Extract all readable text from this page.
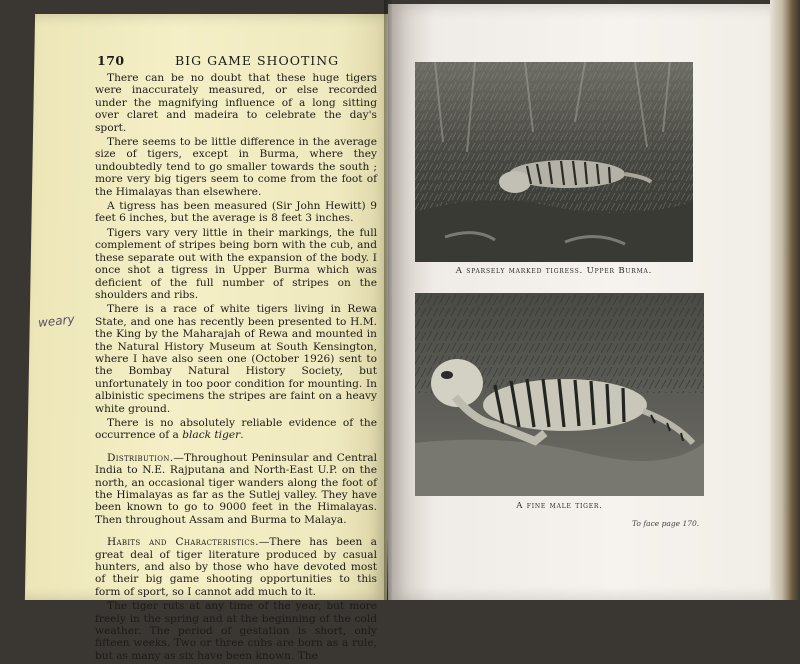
170	BIG GAME SHOOTING

There can be no doubt that these huge tigers were inaccurately measured, or else recorded under the magnifying influence of a long sitting over claret and madeira to celebrate the day's sport.

There seems to be little difference in the average size of tigers, except in Burma, where they undoubtedly tend to go smaller towards the south ; more very big tigers seem to come from the foot of the Himalayas than elsewhere.

A tigress has been measured (Sir John Hewitt) 9 feet 6 inches, but the average is 8 feet 3 inches.

Tigers vary very little in their markings, the full complement of stripes being born with the cub, and these separate out with the expansion of the body. I once shot a tigress in Upper Burma which was deficient of the full number of stripes on the shoulders and ribs.

There is a race of white tigers living in Rewa State, and one has recently been presented to H.M. the King by the Maharajah of Rewa and mounted in the Natural History Museum at South Kensington, where I have also seen one (October 1926) sent to the Bombay Natural History Society, but unfortunately in too poor condition for mounting. In albinistic specimens the stripes are faint on a heavy white ground.

There is no absolutely reliable evidence of the occurrence of a black tiger.

Distribution.—Throughout Peninsular and Central India to N.E. Rajputana and North-East U.P. on the north, an occasional tiger wanders along the foot of the Himalayas as far as the Sutlej valley. They have been known to go to 9000 feet in the Himalayas. Then throughout Assam and Burma to Malaya.

Habits and Characteristics.—There has been a great deal of tiger literature produced by casual hunters, and also by those who have devoted most of their big game shooting opportunities to this form of sport, so I cannot add much to it.

The tiger ruts at any time of the year, but more freely in the spring and at the beginning of the cold weather. The period of gestation is short, only fifteen weeks. Two or three cubs are born as a rule, but as many as six have been known. The

weary
A sparsely marked tigress. Upper Burma.
A fine male tiger.
To face page 170.
